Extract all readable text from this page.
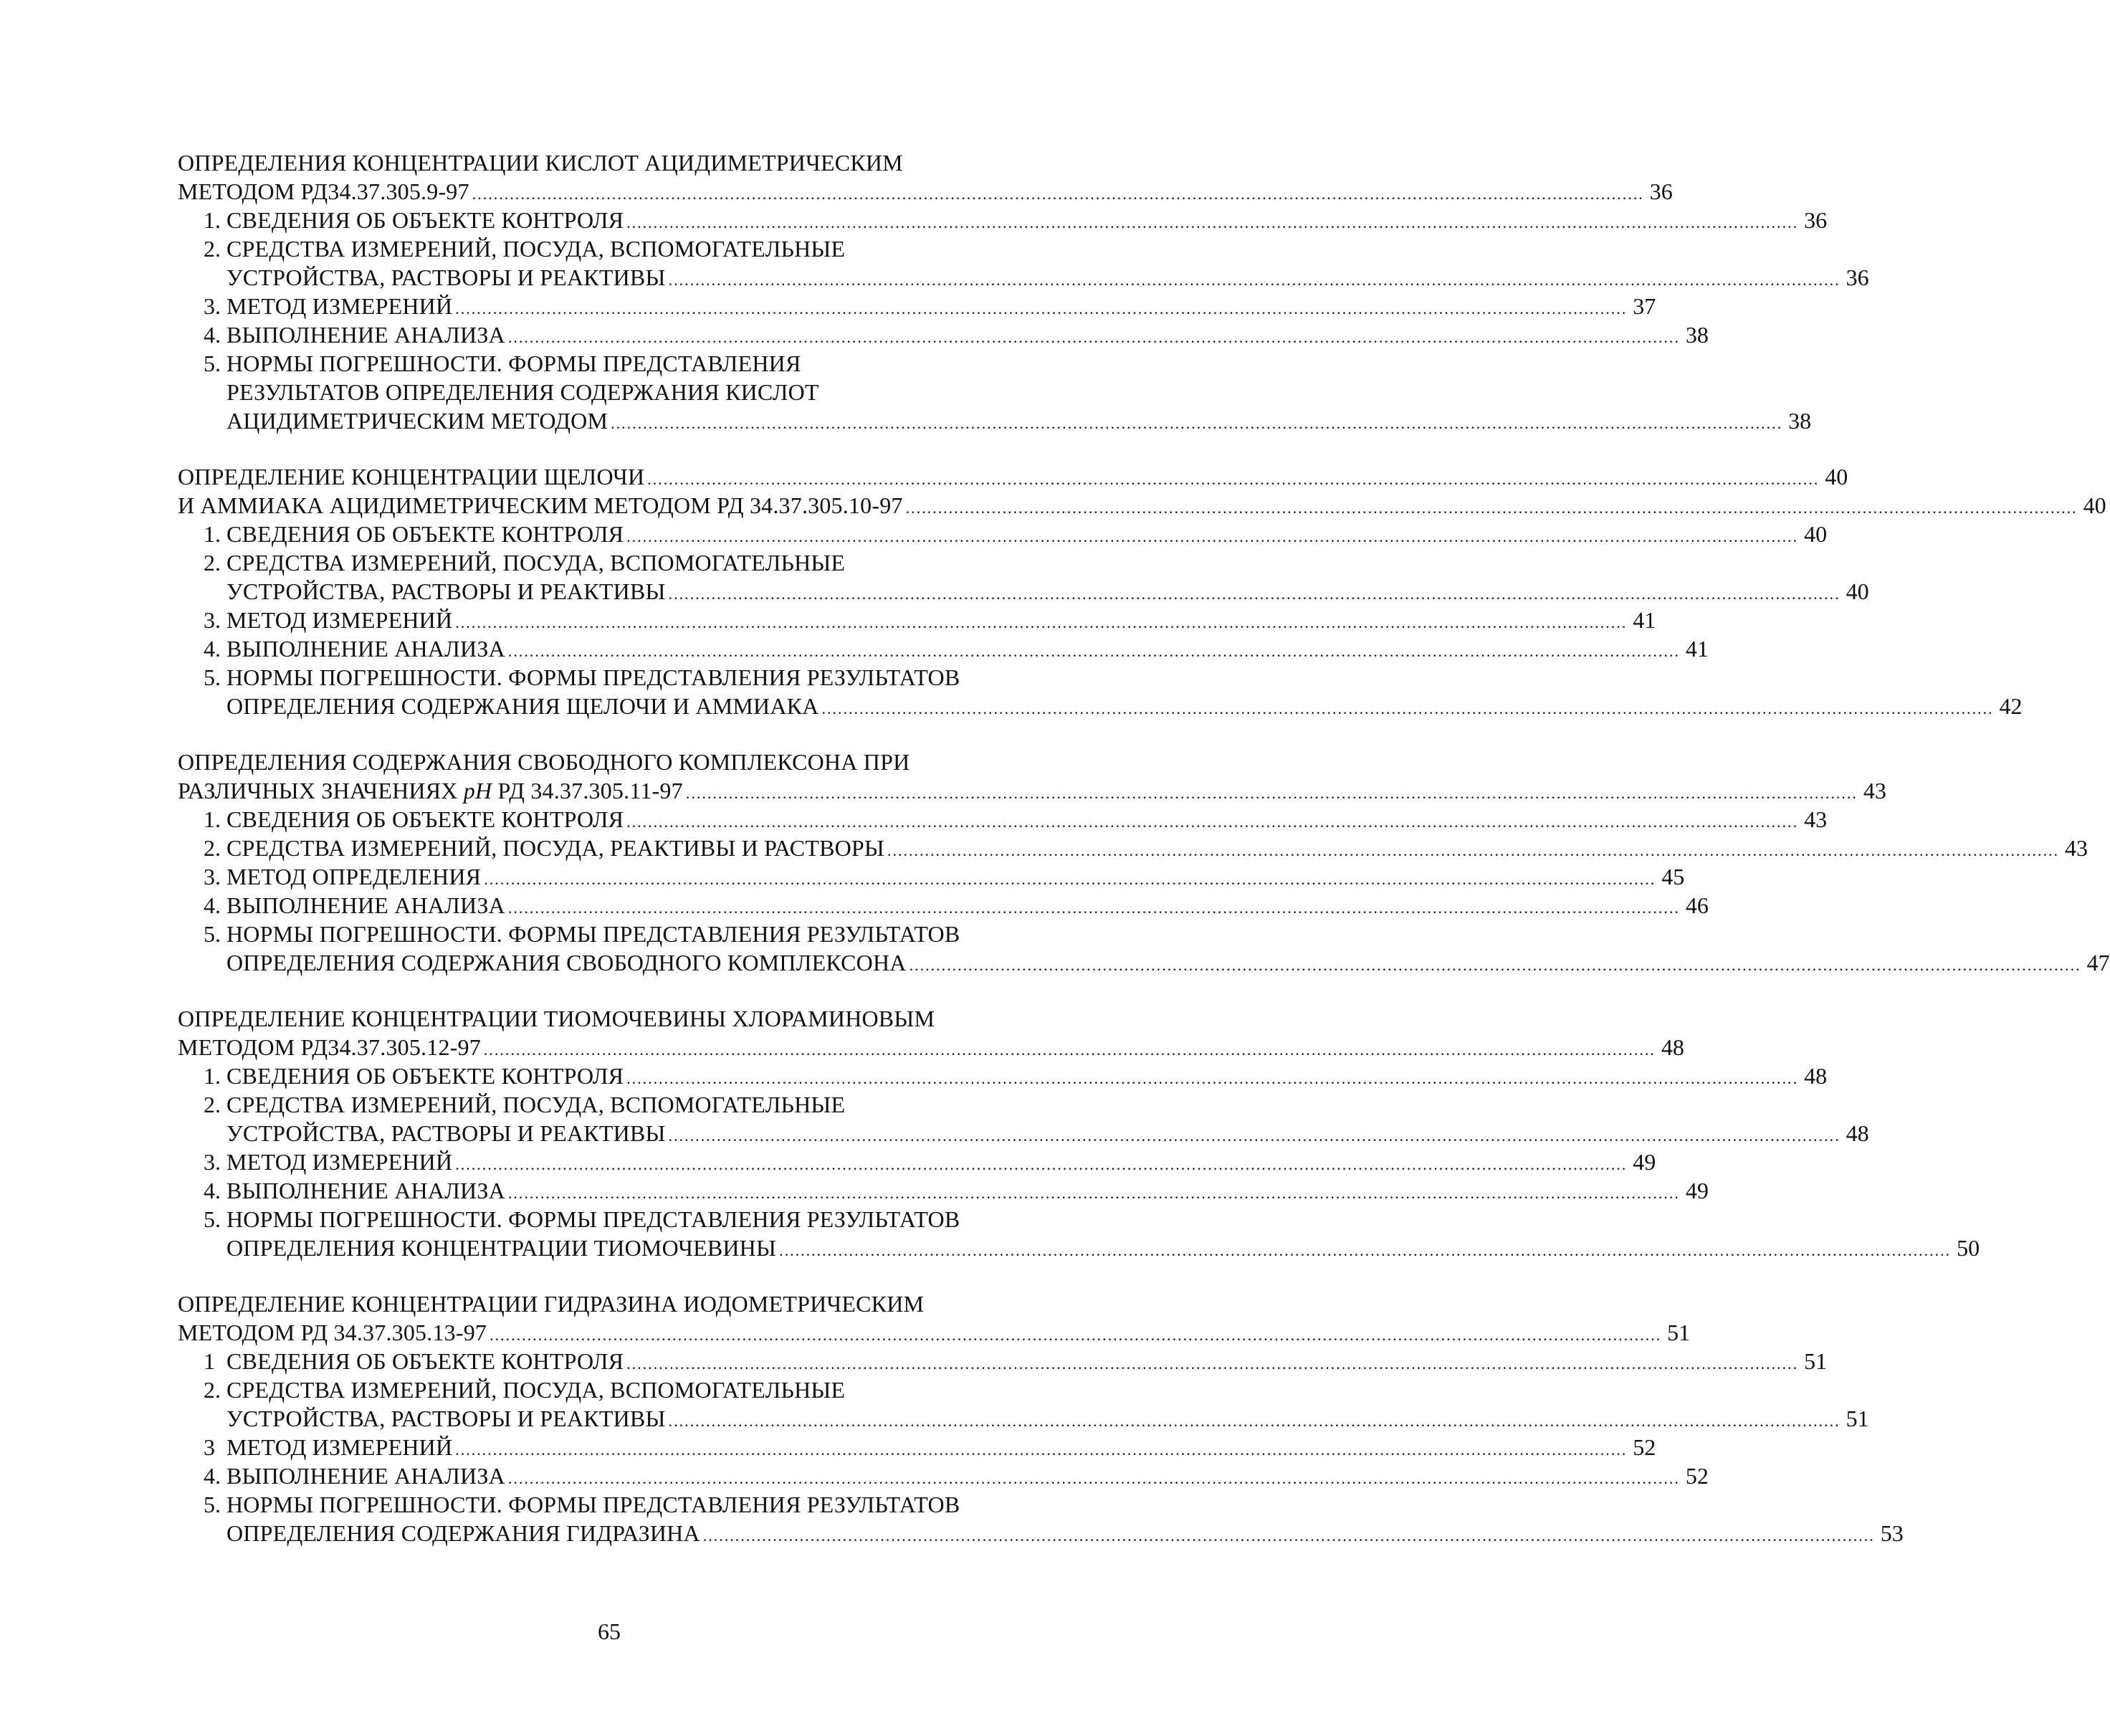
ОПРЕДЕЛЕНИЯ КОНЦЕНТРАЦИИ КИСЛОТ АЦИДИМЕТРИЧЕСКИМ
МЕТОДОМ РД34.37.305.9-97 .....	36
1. СВЕДЕНИЯ ОБ ОБЪЕКТЕ КОНТРОЛЯ .....	36
2. СРЕДСТВА ИЗМЕРЕНИЙ, ПОСУДА, ВСПОМОГАТЕЛЬНЫЕ
УСТРОЙСТВА, РАСТВОРЫ И РЕАКТИВЫ .....	36
3. МЕТОД ИЗМЕРЕНИЙ .....	37
4. ВЫПОЛНЕНИЕ АНАЛИЗА .....	38
5. НОРМЫ ПОГРЕШНОСТИ. ФОРМЫ ПРЕДСТАВЛЕНИЯ
РЕЗУЛЬТАТОВ ОПРЕДЕЛЕНИЯ СОДЕРЖАНИЯ КИСЛОТ
АЦИДИМЕТРИЧЕСКИМ МЕТОДОМ .....	38
ОПРЕДЕЛЕНИЕ КОНЦЕНТРАЦИИ ЩЕЛОЧИ .....	40
И АММИАКА АЦИДИМЕТРИЧЕСКИМ МЕТОДОМ РД 34.37.305.10-97 .....	40
1. СВЕДЕНИЯ ОБ ОБЪЕКТЕ КОНТРОЛЯ .....	40
2. СРЕДСТВА ИЗМЕРЕНИЙ, ПОСУДА, ВСПОМОГАТЕЛЬНЫЕ
УСТРОЙСТВА, РАСТВОРЫ И РЕАКТИВЫ .....	40
3. МЕТОД ИЗМЕРЕНИЙ .....	41
4. ВЫПОЛНЕНИЕ АНАЛИЗА .....	41
5. НОРМЫ ПОГРЕШНОСТИ. ФОРМЫ ПРЕДСТАВЛЕНИЯ РЕЗУЛЬТАТОВ
ОПРЕДЕЛЕНИЯ СОДЕРЖАНИЯ ЩЕЛОЧИ И АММИАКА .....	42
ОПРЕДЕЛЕНИЯ СОДЕРЖАНИЯ СВОБОДНОГО КОМПЛЕКСОНА ПРИ
РАЗЛИЧНЫХ ЗНАЧЕНИЯХ pH РД 34.37.305.11-97 .....	43
1. СВЕДЕНИЯ ОБ ОБЪЕКТЕ КОНТРОЛЯ .....	43
2. СРЕДСТВА ИЗМЕРЕНИЙ, ПОСУДА, РЕАКТИВЫ И РАСТВОРЫ .....	43
3. МЕТОД ОПРЕДЕЛЕНИЯ .....	45
4. ВЫПОЛНЕНИЕ АНАЛИЗА .....	46
5. НОРМЫ ПОГРЕШНОСТИ. ФОРМЫ ПРЕДСТАВЛЕНИЯ РЕЗУЛЬТАТОВ
ОПРЕДЕЛЕНИЯ СОДЕРЖАНИЯ СВОБОДНОГО КОМПЛЕКСОНА .....	47
ОПРЕДЕЛЕНИЕ КОНЦЕНТРАЦИИ ТИОМОЧЕВИНЫ ХЛОРАМИНОВЫМ
МЕТОДОМ РД34.37.305.12-97 .....	48
1. СВЕДЕНИЯ ОБ ОБЪЕКТЕ КОНТРОЛЯ .....	48
2. СРЕДСТВА ИЗМЕРЕНИЙ, ПОСУДА, ВСПОМОГАТЕЛЬНЫЕ
УСТРОЙСТВА, РАСТВОРЫ И РЕАКТИВЫ .....	48
3. МЕТОД ИЗМЕРЕНИЙ .....	49
4. ВЫПОЛНЕНИЕ АНАЛИЗА .....	49
5. НОРМЫ ПОГРЕШНОСТИ. ФОРМЫ ПРЕДСТАВЛЕНИЯ РЕЗУЛЬТАТОВ
ОПРЕДЕЛЕНИЯ КОНЦЕНТРАЦИИ ТИОМОЧЕВИНЫ .....	50
ОПРЕДЕЛЕНИЕ КОНЦЕНТРАЦИИ ГИДРАЗИНА ИОДОМЕТРИЧЕСКИМ
МЕТОДОМ РД 34.37.305.13-97 .....	51
1 СВЕДЕНИЯ ОБ ОБЪЕКТЕ КОНТРОЛЯ .....	51
2. СРЕДСТВА ИЗМЕРЕНИЙ, ПОСУДА, ВСПОМОГАТЕЛЬНЫЕ
УСТРОЙСТВА, РАСТВОРЫ И РЕАКТИВЫ .....	51
3 МЕТОД ИЗМЕРЕНИЙ .....	52
4. ВЫПОЛНЕНИЕ АНАЛИЗА .....	52
5. НОРМЫ ПОГРЕШНОСТИ. ФОРМЫ ПРЕДСТАВЛЕНИЯ РЕЗУЛЬТАТОВ
ОПРЕДЕЛЕНИЯ СОДЕРЖАНИЯ ГИДРАЗИНА .....	53
65
